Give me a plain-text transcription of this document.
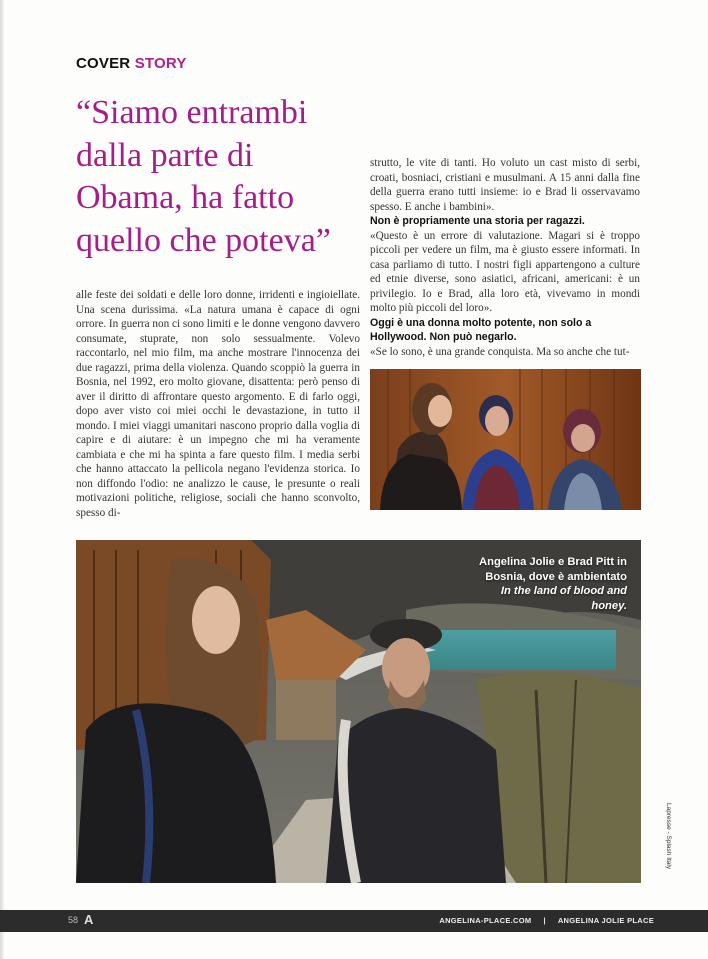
COVER STORY
“Siamo entrambi dalla parte di Obama, ha fatto quello che poteva”

alle feste dei soldati e delle loro donne, irridenti e ingioiellate. Una scena durissima. «La natura umana è capace di ogni orrore. In guerra non ci sono limiti e le donne vengono davvero consumate, stuprate, non solo sessualmente. Volevo raccontarlo, nel mio film, ma anche mostrare l'innocenza dei due ragazzi, prima della violenza. Quando scoppiò la guerra in Bosnia, nel 1992, ero molto giovane, disattenta: però penso di aver il diritto di affrontare questo argomento. E di farlo oggi, dopo aver visto coi miei occhi le devastazione, in tutto il mondo. I miei viaggi umanitari nascono proprio dalla voglia di capire e di aiutare: è un impegno che mi ha veramente cambiata e che mi ha spinta a fare questo film. I media serbi che hanno attaccato la pellicola negano l'evidenza storica. Io non diffondo l'odio: ne analizzo le cause, le presunte o reali motivazioni politiche, religiose, sociali che hanno sconvolto, spesso di-

strutto, le vite di tanti. Ho voluto un cast misto di serbi, croati, bosniaci, cristiani e musulmani. A 15 anni dalla fine della guerra erano tutti insieme: io e Brad li osservavamo spesso. E anche i bambini».

Non è propriamente una storia per ragazzi.

«Questo è un errore di valutazione. Magari si è troppo piccoli per vedere un film, ma è giusto essere informati. In casa parliamo di tutto. I nostri figli appartengono a culture ed etnie diverse, sono asiatici, africani, americani: è un privilegio. Io e Brad, alla loro età, vivevamo in mondi molto più piccoli del loro».

Oggi è una donna molto potente, non solo a Hollywood. Non può negarlo.

«Se lo sono, è una grande conquista. Ma so anche che tut-

Angelina Jolie e Brad Pitt in Bosnia, dove è ambientato In the land of blood and honey.
Lapresse - Splash Italy
58 A	ANGELINA-PLACE.COM | ANGELINA JOLIE PLACE
